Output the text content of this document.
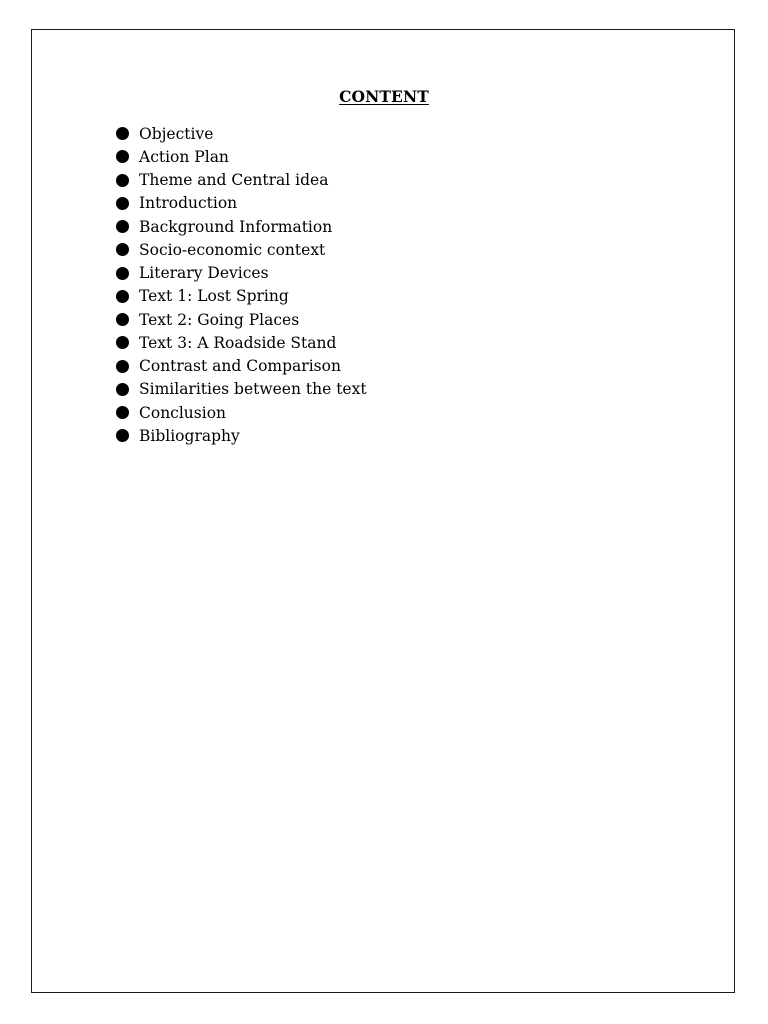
CONTENT
Objective
Action Plan
Theme and Central idea
Introduction
Background Information
Socio-economic context
Literary Devices
Text 1: Lost Spring
Text 2: Going Places
Text 3: A Roadside Stand
Contrast and Comparison
Similarities between the text
Conclusion
Bibliography
